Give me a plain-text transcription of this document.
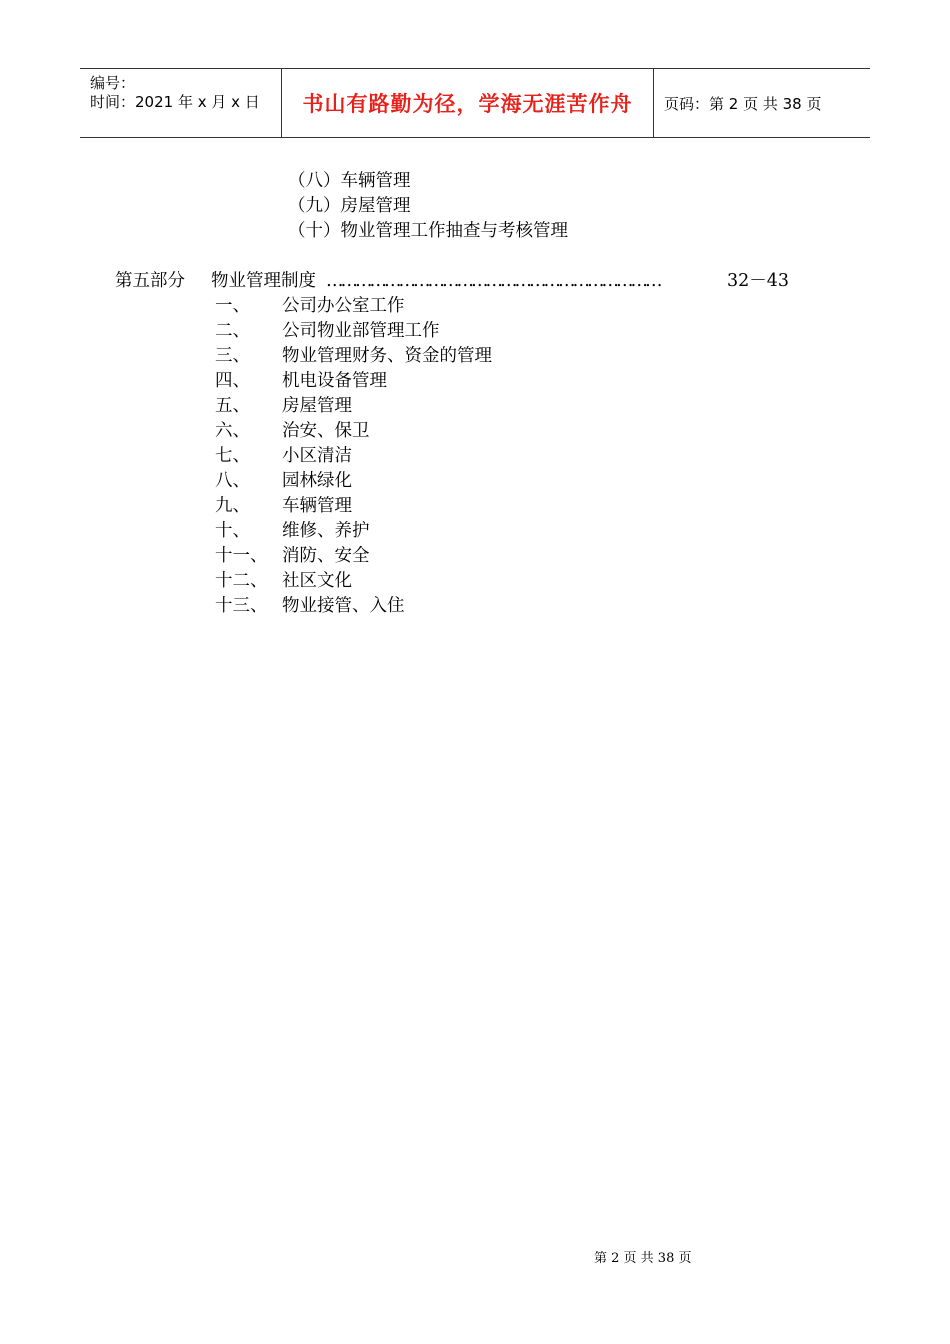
编号：
时间：2021 年 x 月 x 日 书山有路勤为径，学海无涯苦作舟 页码：第 2 页 共 38 页
（八）车辆管理
（九）房屋管理
（十）物业管理工作抽查与考核管理
第五部分 物业管理制度 ……………………………………………………………	32－43
一、 公司办公室工作
二、 公司物业部管理工作
三、 物业管理财务、资金的管理
四、 机电设备管理
五、 房屋管理
六、 治安、保卫
七、 小区清洁
八、 园林绿化
九、 车辆管理
十、 维修、养护
十一、 消防、安全
十二、 社区文化
十三、 物业接管、入住
第 2 页 共 38 页
